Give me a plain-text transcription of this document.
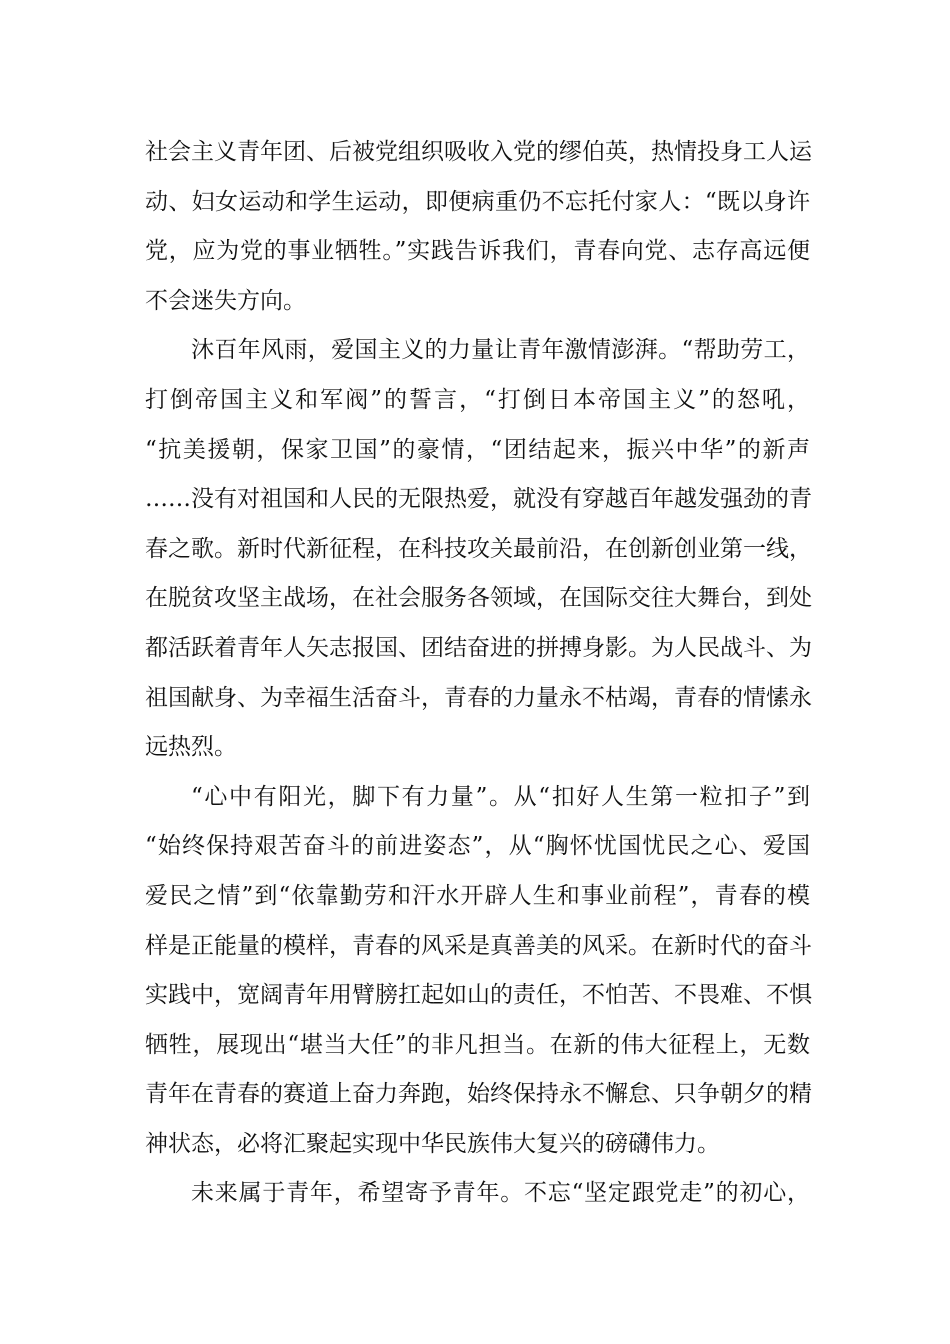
社会主义青年团、后被党组织吸收入党的缪伯英，热情投身工人运
动、妇女运动和学生运动，即便病重仍不忘托付家人：“既以身许
党，应为党的事业牺牲。”实践告诉我们，青春向党、志存高远便
不会迷失方向。
沐百年风雨，爱国主义的力量让青年激情澎湃。“帮助劳工，
打倒帝国主义和军阀”的誓言，“打倒日本帝国主义”的怒吼，
“抗美援朝，保家卫国”的豪情，“团结起来，振兴中华”的新声
……没有对祖国和人民的无限热爱，就没有穿越百年越发强劲的青
春之歌。新时代新征程，在科技攻关最前沿，在创新创业第一线，
在脱贫攻坚主战场，在社会服务各领域，在国际交往大舞台，到处
都活跃着青年人矢志报国、团结奋进的拼搏身影。为人民战斗、为
祖国献身、为幸福生活奋斗，青春的力量永不枯竭，青春的情愫永
远热烈。
“心中有阳光，脚下有力量”。从“扣好人生第一粒扣子”到
“始终保持艰苦奋斗的前进姿态”，从“胸怀忧国忧民之心、爱国
爱民之情”到“依靠勤劳和汗水开辟人生和事业前程”，青春的模
样是正能量的模样，青春的风采是真善美的风采。在新时代的奋斗
实践中，宽阔青年用臂膀扛起如山的责任，不怕苦、不畏难、不惧
牺牲，展现出“堪当大任”的非凡担当。在新的伟大征程上，无数
青年在青春的赛道上奋力奔跑，始终保持永不懈怠、只争朝夕的精
神状态，必将汇聚起实现中华民族伟大复兴的磅礴伟力。
未来属于青年，希望寄予青年。不忘“坚定跟党走”的初心，
